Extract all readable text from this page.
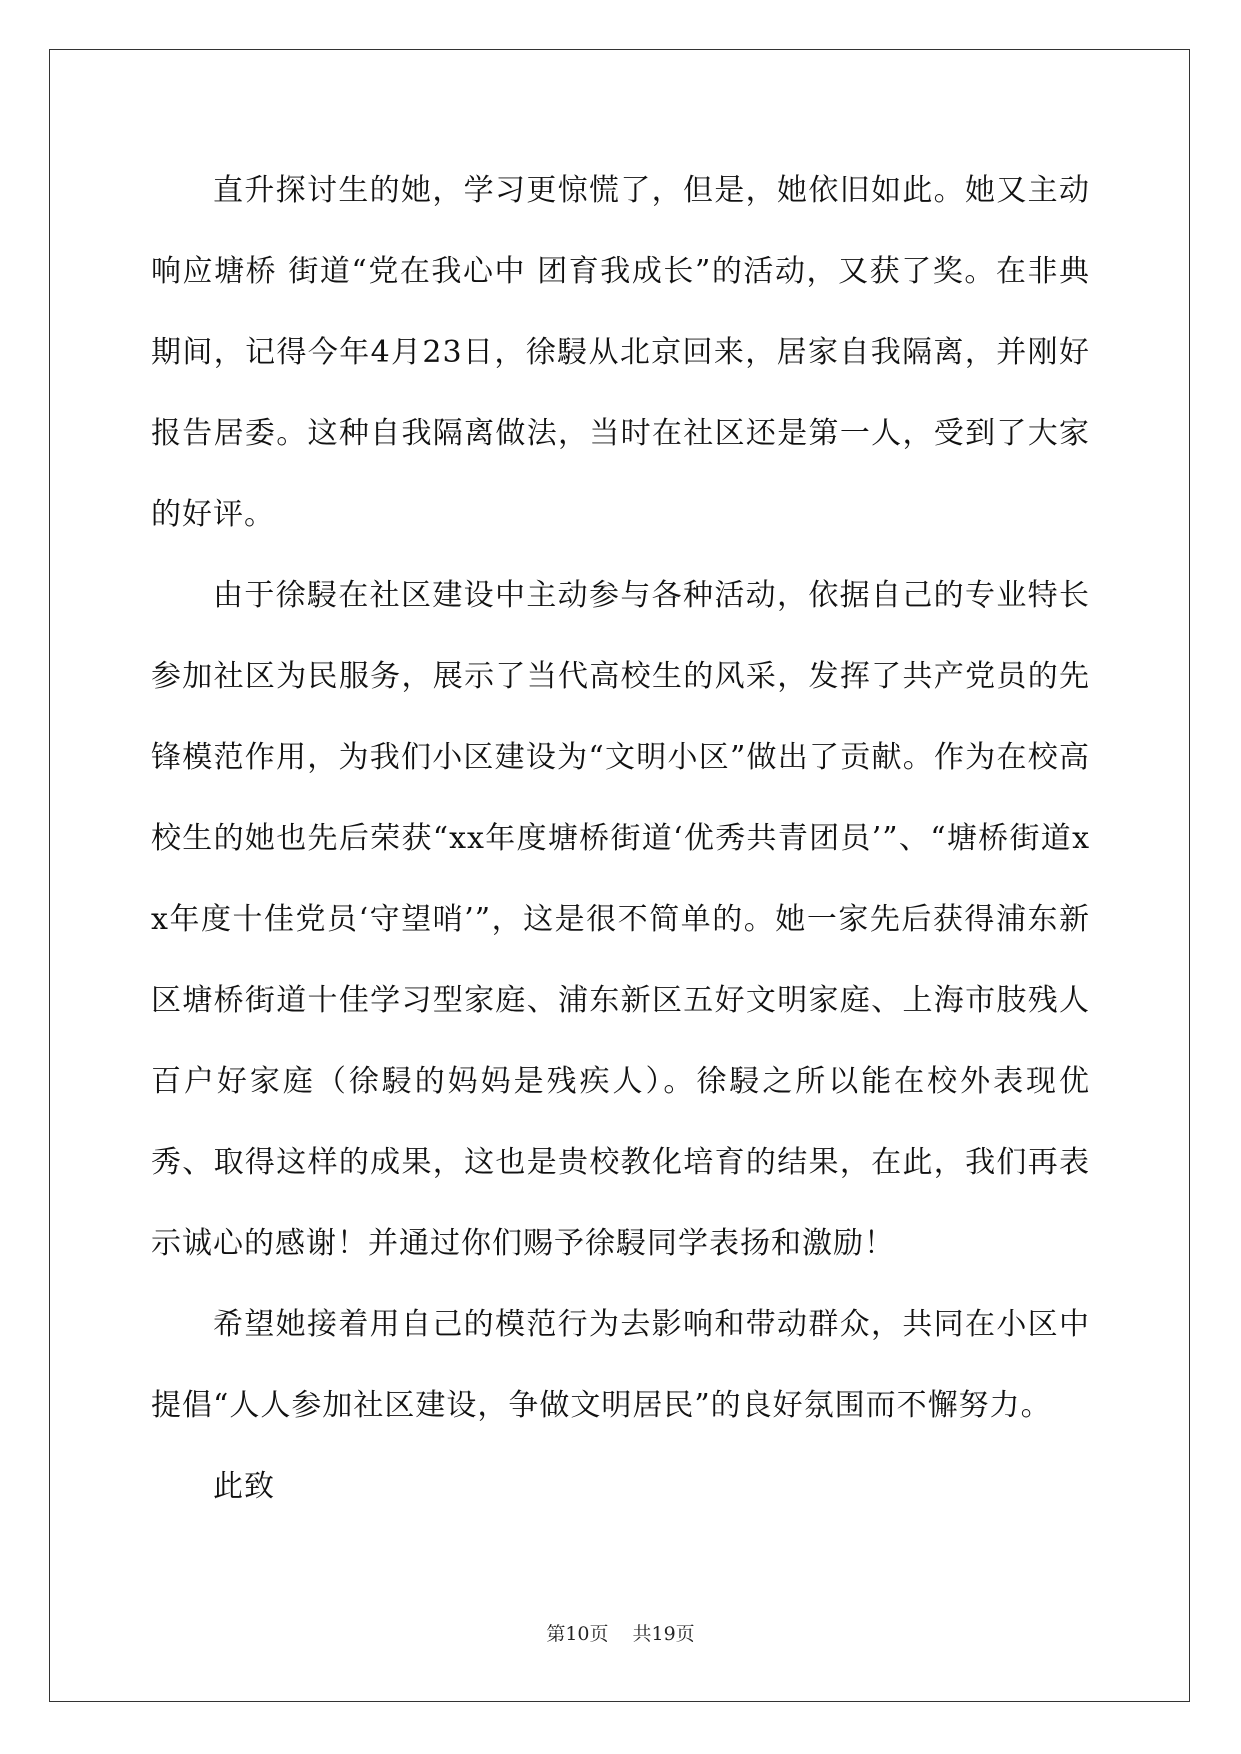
直升探讨生的她，学习更惊慌了，但是，她依旧如此。她又主动响应塘桥 街道“党在我心中 团育我成长”的活动，又获了奖。在非典期间，记得今年4月23日，徐駸从北京回来，居家自我隔离，并刚好报告居委。这种自我隔离做法，当时在社区还是第一人，受到了大家的好评。

由于徐駸在社区建设中主动参与各种活动，依据自己的专业特长参加社区为民服务，展示了当代高校生的风采，发挥了共产党员的先锋模范作用，为我们小区建设为“文明小区”做出了贡献。作为在校高校生的她也先后荣获“xx年度塘桥街道‘优秀共青团员’”、“塘桥街道xx年度十佳党员‘守望哨’”，这是很不简单的。她一家先后获得浦东新区塘桥街道十佳学习型家庭、浦东新区五好文明家庭、上海市肢残人百户好家庭（徐駸的妈妈是残疾人）。徐駸之所以能在校外表现优秀、取得这样的成果，这也是贵校教化培育的结果，在此，我们再表示诚心的感谢！并通过你们赐予徐駸同学表扬和激励！

希望她接着用自己的模范行为去影响和带动群众，共同在小区中提倡“人人参加社区建设，争做文明居民”的良好氛围而不懈努力。

此致

第10页 共19页
